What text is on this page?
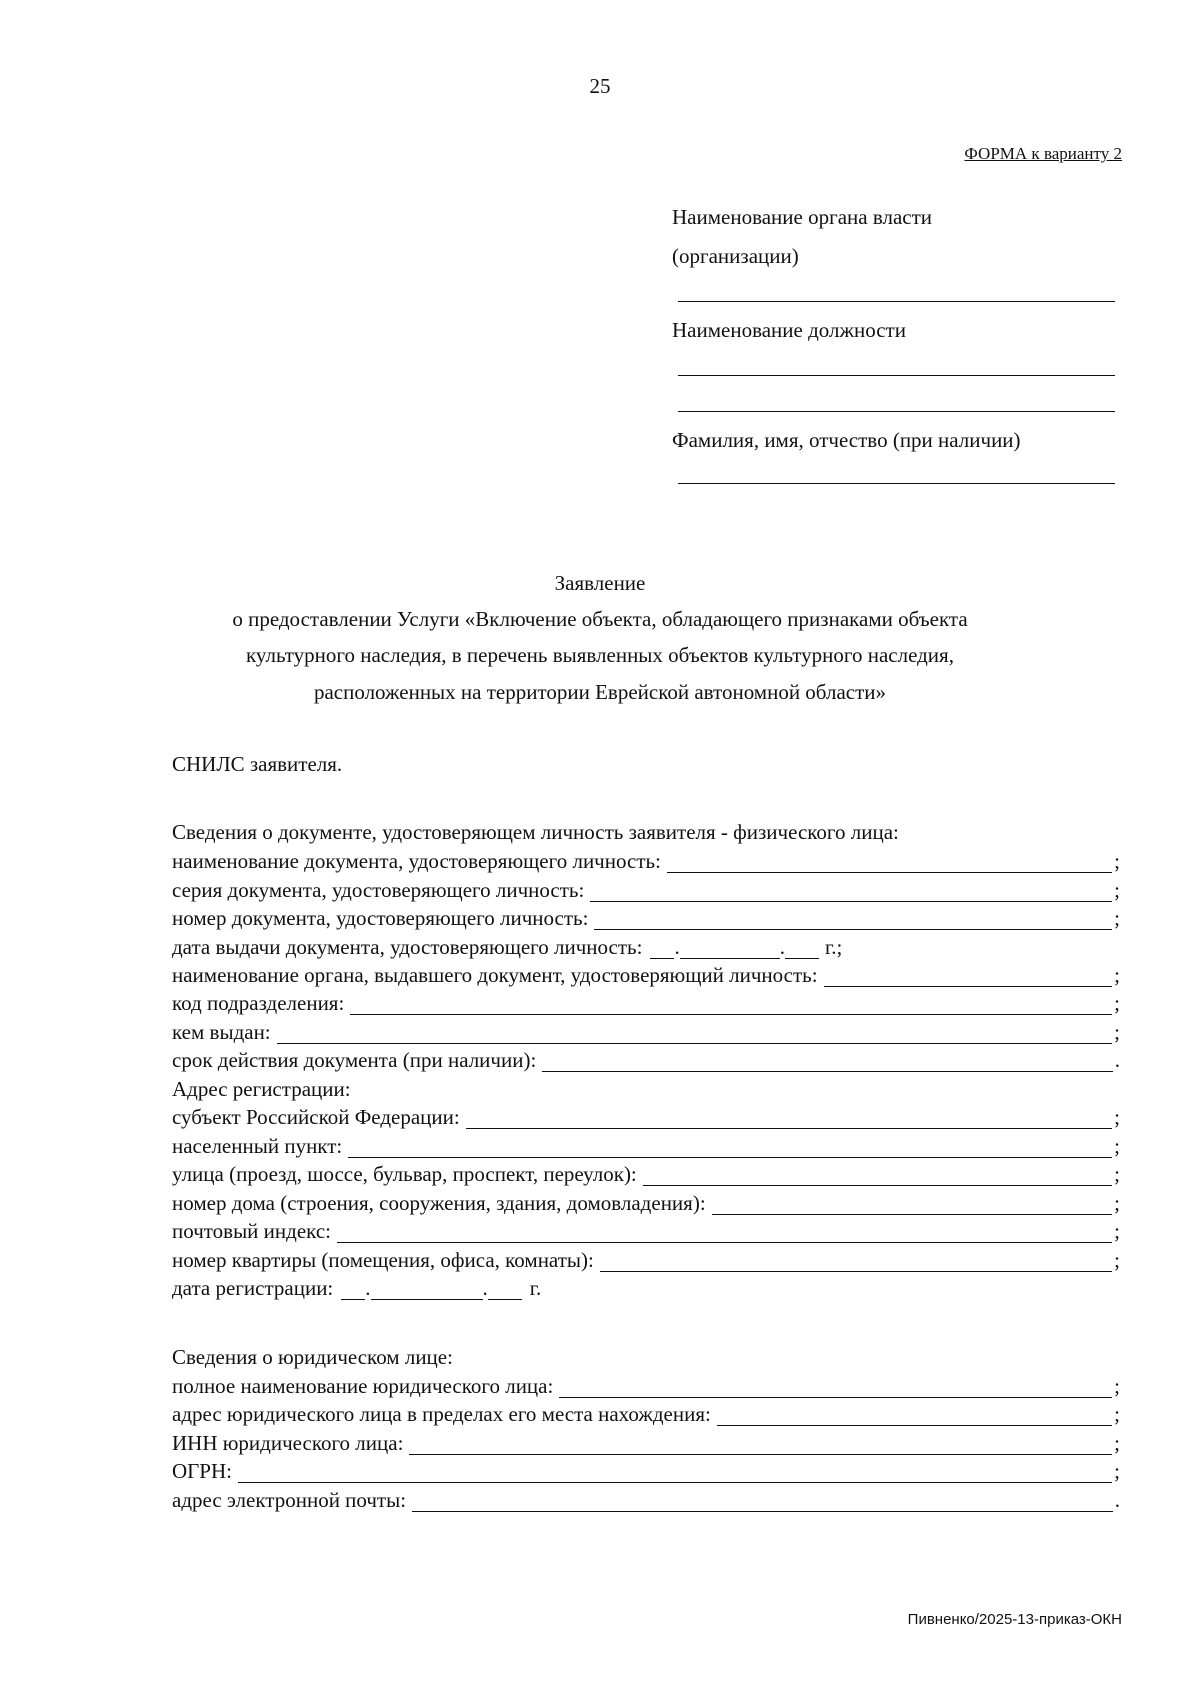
25
ФОРМА к варианту 2
Наименование органа власти
(организации)
Наименование должности
Фамилия, имя, отчество (при наличии)
Заявление
о предоставлении Услуги «Включение объекта, обладающего признаками объекта
культурного наследия, в перечень выявленных объектов культурного наследия,
расположенных на территории Еврейской автономной области»
СНИЛС заявителя.
Сведения о документе, удостоверяющем личность заявителя - физического лица:
наименование документа, удостоверяющего личность:	;
серия документа, удостоверяющего личность:	;
номер документа, удостоверяющего личность:	;
дата выдачи документа, удостоверяющего личность: .	. г.;
наименование органа, выдавшего документ, удостоверяющий личность:	;
код подразделения:	;
кем выдан:	;
срок действия документа (при наличии):	.
Адрес регистрации:
субъект Российской Федерации:	;
населенный пункт:	;
улица (проезд, шоссе, бульвар, проспект, переулок):	;
номер дома (строения, сооружения, здания, домовладения):	;
почтовый индекс:	;
номер квартиры (помещения, офиса, комнаты):	;
дата регистрации: .	. г.
Сведения о юридическом лице:
полное наименование юридического лица:	;
адрес юридического лица в пределах его места нахождения:	;
ИНН юридического лица:	;
ОГРН:	;
адрес электронной почты:	.
Пивненко/2025-13-приказ-ОКН
